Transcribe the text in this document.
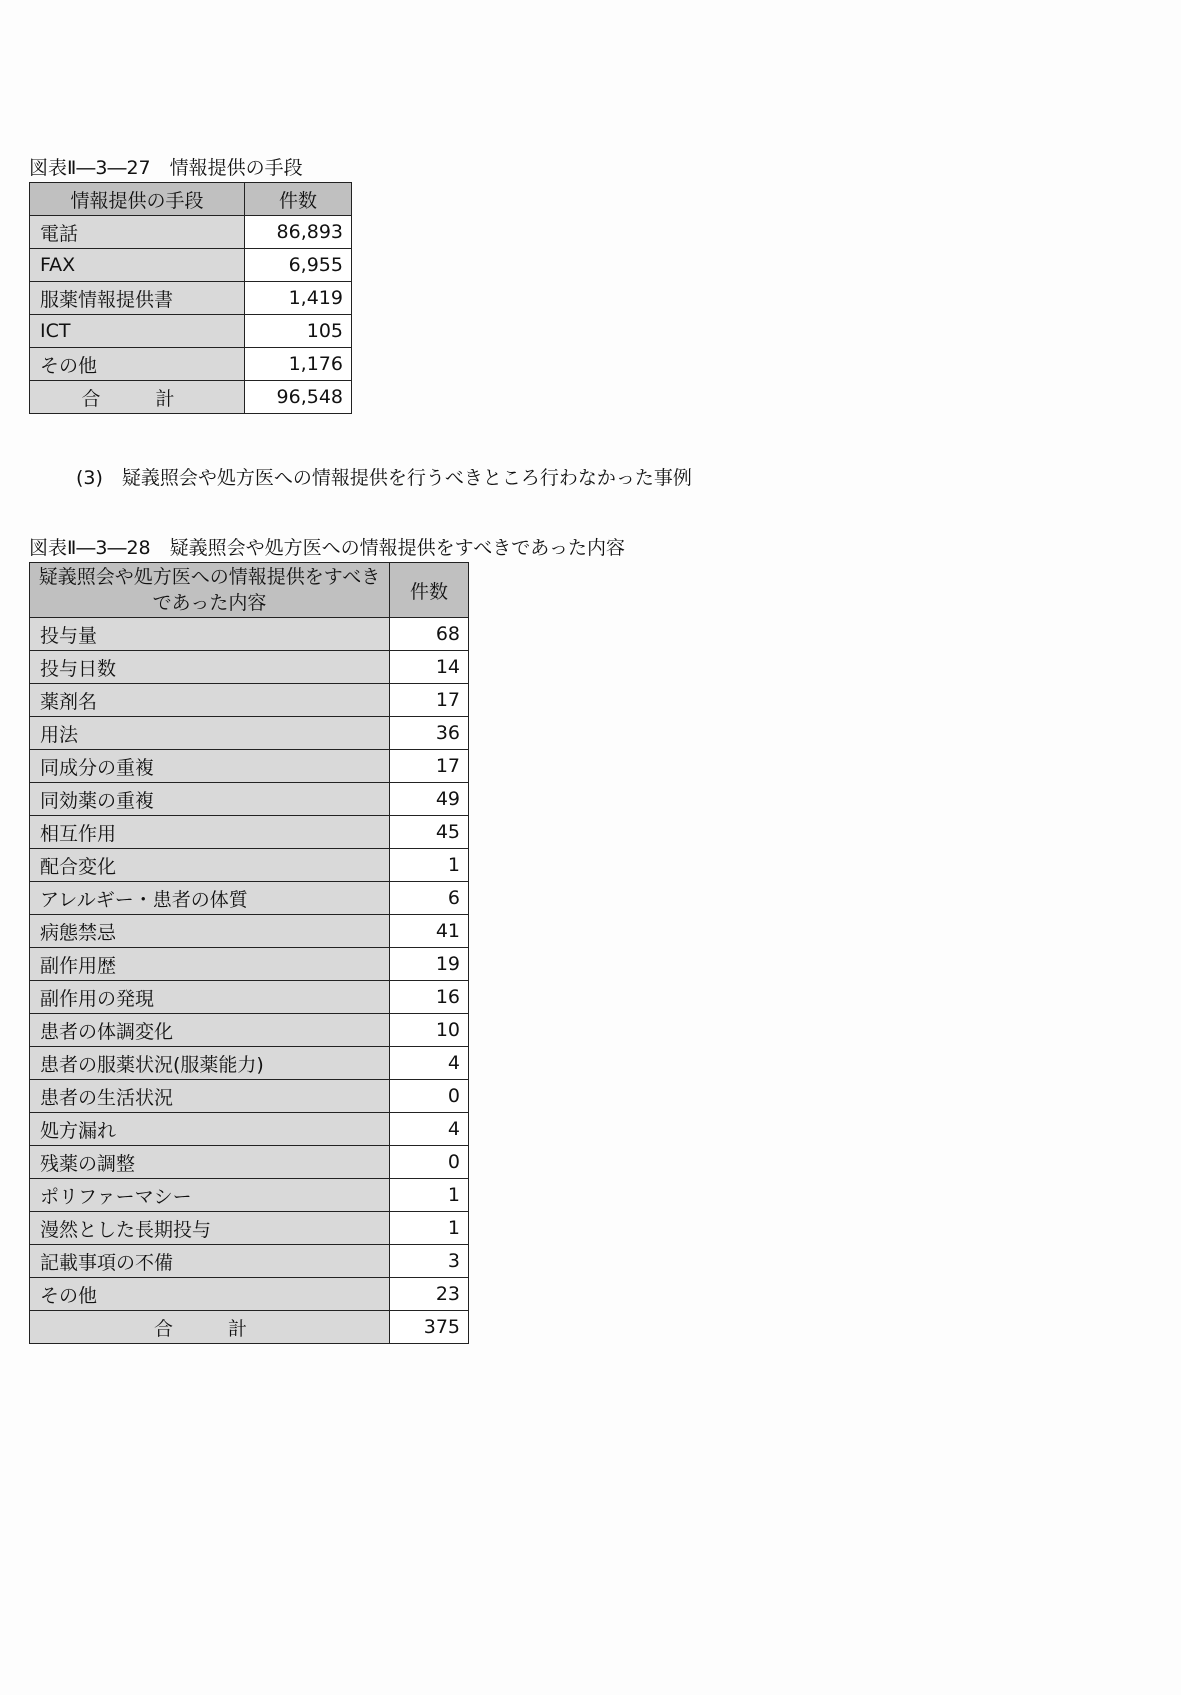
図表Ⅱ―3―27　情報提供の手段
情報提供の手段	件数
電話	86,893
FAX	6,955
服薬情報提供書	1,419
ICT	105
その他	1,176
合　計	96,548
(3)　疑義照会や処方医への情報提供を行うべきところ行わなかった事例
図表Ⅱ―3―28　疑義照会や処方医への情報提供をすべきであった内容
疑義照会や処方医への情報提供をすべきであった内容	件数
投与量	68
投与日数	14
薬剤名	17
用法	36
同成分の重複	17
同効薬の重複	49
相互作用	45
配合変化	1
アレルギー・患者の体質	6
病態禁忌	41
副作用歴	19
副作用の発現	16
患者の体調変化	10
患者の服薬状況(服薬能力)	4
患者の生活状況	0
処方漏れ	4
残薬の調整	0
ポリファーマシー	1
漫然とした長期投与	1
記載事項の不備	3
その他	23
合　計	375
